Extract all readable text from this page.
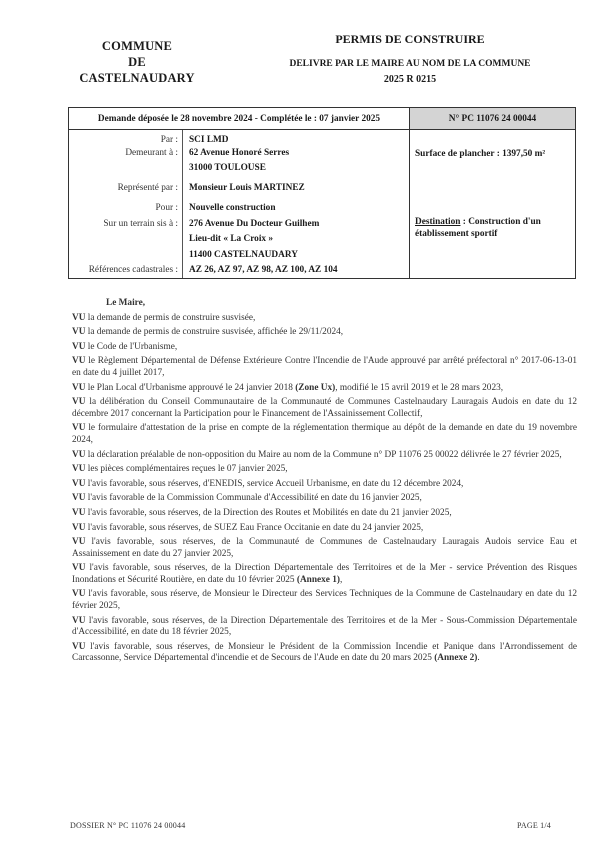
COMMUNE
DE
CASTELNAUDARY
PERMIS DE CONSTRUIRE
DELIVRE PAR LE MAIRE AU NOM DE LA COMMUNE
2025 R 0215
Demande déposée le 28 novembre 2024 - Complétée le : 07 janvier 2025	N° PC 11076 24 00044
Par : SCI LMD
Demeurant à : 62 Avenue Honoré Serres
31000 TOULOUSE
Représenté par : Monsieur Louis MARTINEZ
Pour : Nouvelle construction
Sur un terrain sis à : 276 Avenue Du Docteur Guilhem
Lieu-dit « La Croix »
11400 CASTELNAUDARY
Références cadastrales : AZ 26, AZ 97, AZ 98, AZ 100, AZ 104
Surface de plancher : 1397,50 m²
Destination : Construction d'un établissement sportif
Le Maire,
VU la demande de permis de construire susvisée,
VU la demande de permis de construire susvisée, affichée le 29/11/2024,
VU le Code de l'Urbanisme,
VU le Règlement Départemental de Défense Extérieure Contre l'Incendie de l'Aude approuvé par arrêté préfectoral n° 2017-06-13-01 en date du 4 juillet 2017,
VU le Plan Local d'Urbanisme approuvé le 24 janvier 2018 (Zone Ux), modifié le 15 avril 2019 et le 28 mars 2023,
VU la délibération du Conseil Communautaire de la Communauté de Communes Castelnaudary Lauragais Audois en date du 12 décembre 2017 concernant la Participation pour le Financement de l'Assainissement Collectif,
VU le formulaire d'attestation de la prise en compte de la réglementation thermique au dépôt de la demande en date du 19 novembre 2024,
VU la déclaration préalable de non-opposition du Maire au nom de la Commune n° DP 11076 25 00022 délivrée le 27 février 2025,
VU les pièces complémentaires reçues le 07 janvier 2025,
VU l'avis favorable, sous réserves, d'ENEDIS, service Accueil Urbanisme, en date du 12 décembre 2024,
VU l'avis favorable de la Commission Communale d'Accessibilité en date du 16 janvier 2025,
VU l'avis favorable, sous réserves, de la Direction des Routes et Mobilités en date du 21 janvier 2025,
VU l'avis favorable, sous réserves, de SUEZ Eau France Occitanie en date du 24 janvier 2025,
VU l'avis favorable, sous réserves, de la Communauté de Communes de Castelnaudary Lauragais Audois service Eau et Assainissement en date du 27 janvier 2025,
VU l'avis favorable, sous réserves, de la Direction Départementale des Territoires et de la Mer - service Prévention des Risques Inondations et Sécurité Routière, en date du 10 février 2025 (Annexe 1),
VU l'avis favorable, sous réserve, de Monsieur le Directeur des Services Techniques de la Commune de Castelnaudary en date du 12 février 2025,
VU l'avis favorable, sous réserves, de la Direction Départementale des Territoires et de la Mer - Sous-Commission Départementale d'Accessibilité, en date du 18 février 2025,
VU l'avis favorable, sous réserves, de Monsieur le Président de la Commission Incendie et Panique dans l'Arrondissement de Carcassonne, Service Départemental d'incendie et de Secours de l'Aude en date du 20 mars 2025 (Annexe 2).
DOSSIER N° PC 11076 24 00044	PAGE 1/4
